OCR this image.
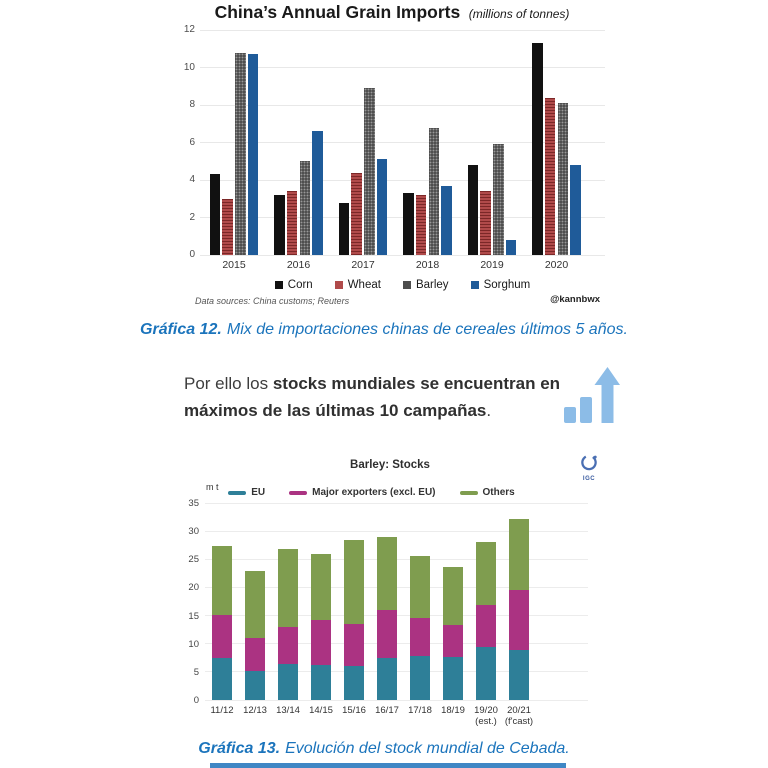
China’s Annual Grain Imports (millions of tonnes)
0
2
4
6
8
10
12
2015	2016	2017	2018	2019	2020
Corn	Wheat	Barley	Sorghum
Data sources: China customs; Reuters	@kannbwx
Gráfica 12. Mix de importaciones chinas de cereales últimos 5 años.
Por ello los stocks mundiales se encuentran en
máximos de las últimas 10 campañas.
Barley: Stocks
IGC
m t	EU	Major exporters (excl. EU)	Others
0
5
10
15
20
25
30
35
11/12	12/13 13/14 14/15 15/16 16/17 17/18 18/19 19/20
(est.)
20/21
(f'cast)
Gráfica 13. Evolución del stock mundial de Cebada.
